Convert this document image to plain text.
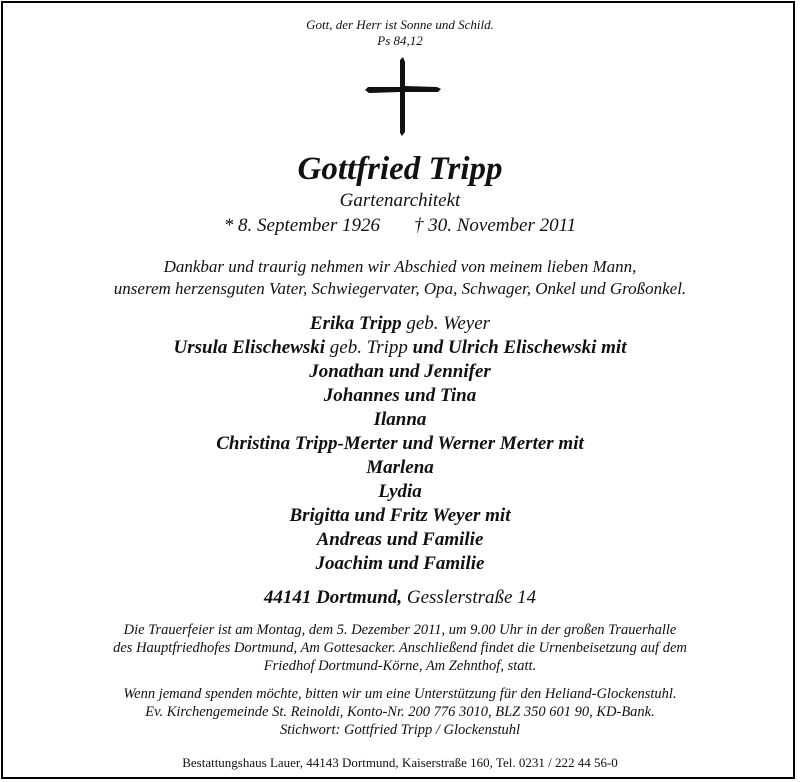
Gott, der Herr ist Sonne und Schild.
Ps 84,12
Gottfried Tripp
Gartenarchitekt
* 8. September 1926 † 30. November 2011
Dankbar und traurig nehmen wir Abschied von meinem lieben Mann,
unserem herzensguten Vater, Schwiegervater, Opa, Schwager, Onkel und Großonkel.
Erika Tripp geb. Weyer
Ursula Elischewski geb. Tripp und Ulrich Elischewski mit
Jonathan und Jennifer
Johannes und Tina
Ilanna
Christina Tripp-Merter und Werner Merter mit
Marlena
Lydia
Brigitta und Fritz Weyer mit
Andreas und Familie
Joachim und Familie
44141 Dortmund, Gesslerstraße 14
Die Trauerfeier ist am Montag, dem 5. Dezember 2011, um 9.00 Uhr in der großen Trauerhalle
des Hauptfriedhofes Dortmund, Am Gottesacker. Anschließend findet die Urnenbeisetzung auf dem
Friedhof Dortmund-Körne, Am Zehnthof, statt.
Wenn jemand spenden möchte, bitten wir um eine Unterstützung für den Heliand-Glockenstuhl.
Ev. Kirchengemeinde St. Reinoldi, Konto-Nr. 200 776 3010, BLZ 350 601 90, KD-Bank.
Stichwort: Gottfried Tripp / Glockenstuhl
Bestattungshaus Lauer, 44143 Dortmund, Kaiserstraße 160, Tel. 0231 / 222 44 56-0
